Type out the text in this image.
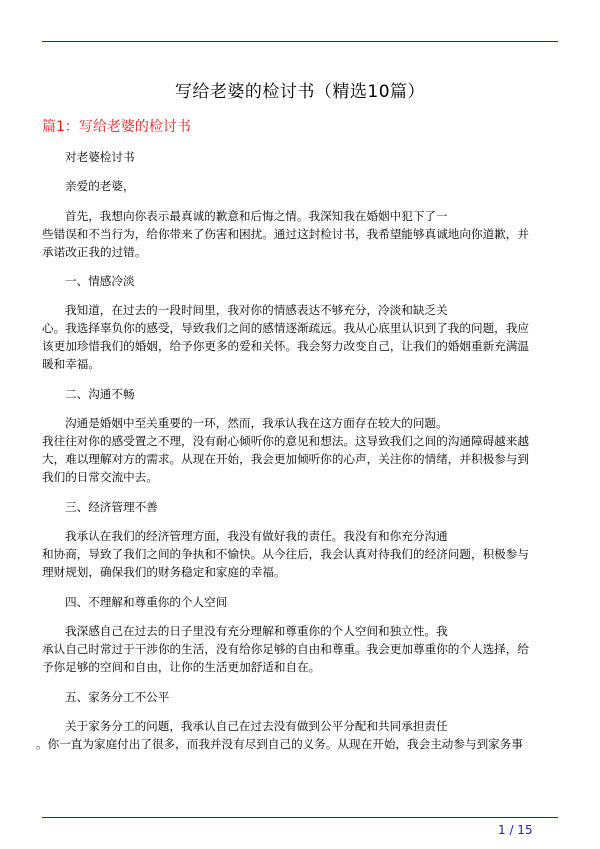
写给老婆的检讨书（精选10篇）
篇1：写给老婆的检讨书
对老婆检讨书
亲爱的老婆，
首先，我想向你表示最真诚的歉意和后悔之情。我深知我在婚姻中犯下了一
些错误和不当行为，给你带来了伤害和困扰。通过这封检讨书，我希望能够真诚地向你道歉，并
承诺改正我的过错。
一、情感冷淡
我知道，在过去的一段时间里，我对你的情感表达不够充分，冷淡和缺乏关
心。我选择辜负你的感受，导致我们之间的感情逐渐疏远。我从心底里认识到了我的问题，我应
该更加珍惜我们的婚姻，给予你更多的爱和关怀。我会努力改变自己，让我们的婚姻重新充满温
暖和幸福。
二、沟通不畅
沟通是婚姻中至关重要的一环，然而，我承认我在这方面存在较大的问题。
我往往对你的感受置之不理，没有耐心倾听你的意见和想法。这导致我们之间的沟通障碍越来越
大，难以理解对方的需求。从现在开始，我会更加倾听你的心声，关注你的情绪，并积极参与到
我们的日常交流中去。
三、经济管理不善
我承认在我们的经济管理方面，我没有做好我的责任。我没有和你充分沟通
和协商，导致了我们之间的争执和不愉快。从今往后，我会认真对待我们的经济问题，积极参与
理财规划，确保我们的财务稳定和家庭的幸福。
四、不理解和尊重你的个人空间
我深感自己在过去的日子里没有充分理解和尊重你的个人空间和独立性。我
承认自己时常过于干涉你的生活，没有给你足够的自由和尊重。我会更加尊重你的个人选择，给
予你足够的空间和自由，让你的生活更加舒适和自在。
五、家务分工不公平
关于家务分工的问题，我承认自己在过去没有做到公平分配和共同承担责任
。你一直为家庭付出了很多，而我并没有尽到自己的义务。从现在开始，我会主动参与到家务事
1 / 15
